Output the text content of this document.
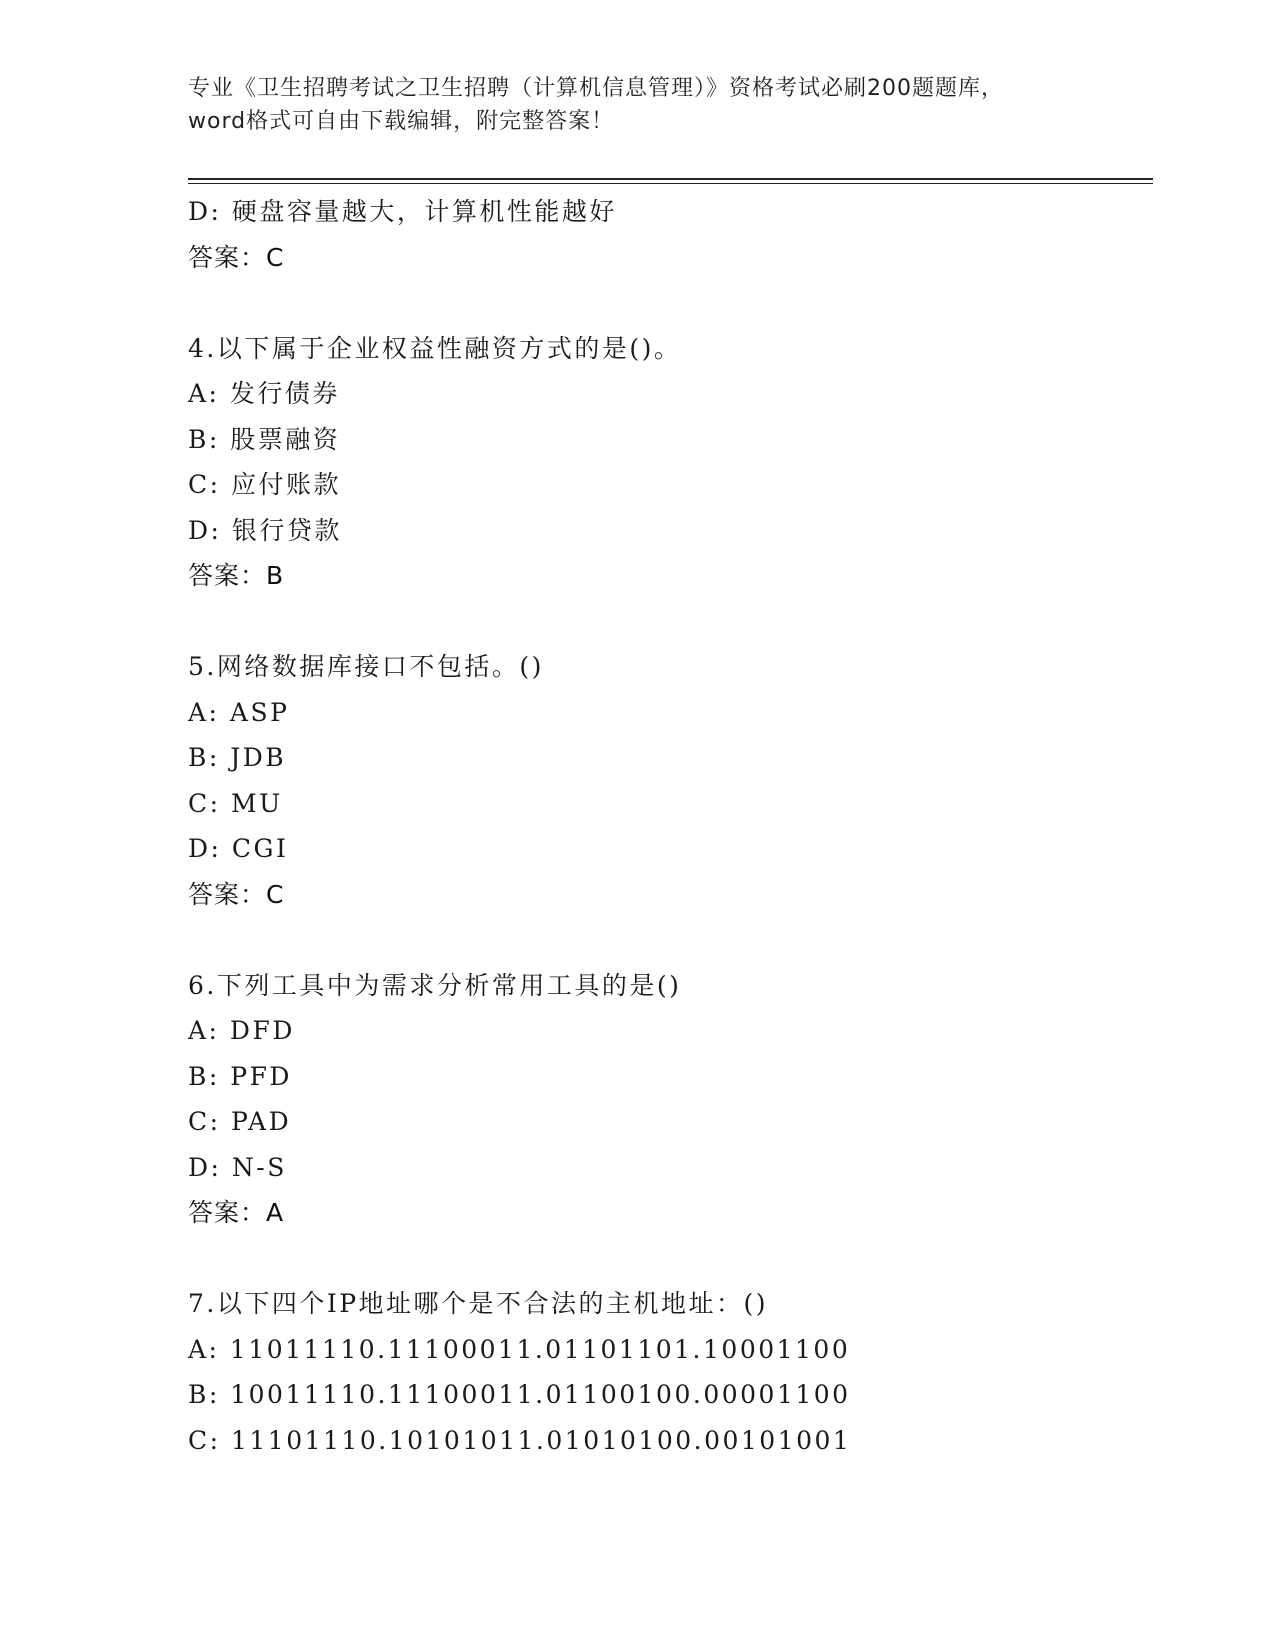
专业《卫生招聘考试之卫生招聘（计算机信息管理）》资格考试必刷200题题库，
word格式可自由下载编辑，附完整答案！
D: 硬盘容量越大，计算机性能越好
答案：C
4.以下属于企业权益性融资方式的是()。
A: 发行债券
B: 股票融资
C: 应付账款
D: 银行贷款
答案：B
5.网络数据库接口不包括。()
A: ASP
B: JDB
C: MU
D: CGI
答案：C
6.下列工具中为需求分析常用工具的是()
A: DFD
B: PFD
C: PAD
D: N-S
答案：A
7.以下四个IP地址哪个是不合法的主机地址：()
A: 11011110.11100011.01101101.10001100
B: 10011110.11100011.01100100.00001100
C: 11101110.10101011.01010100.00101001
